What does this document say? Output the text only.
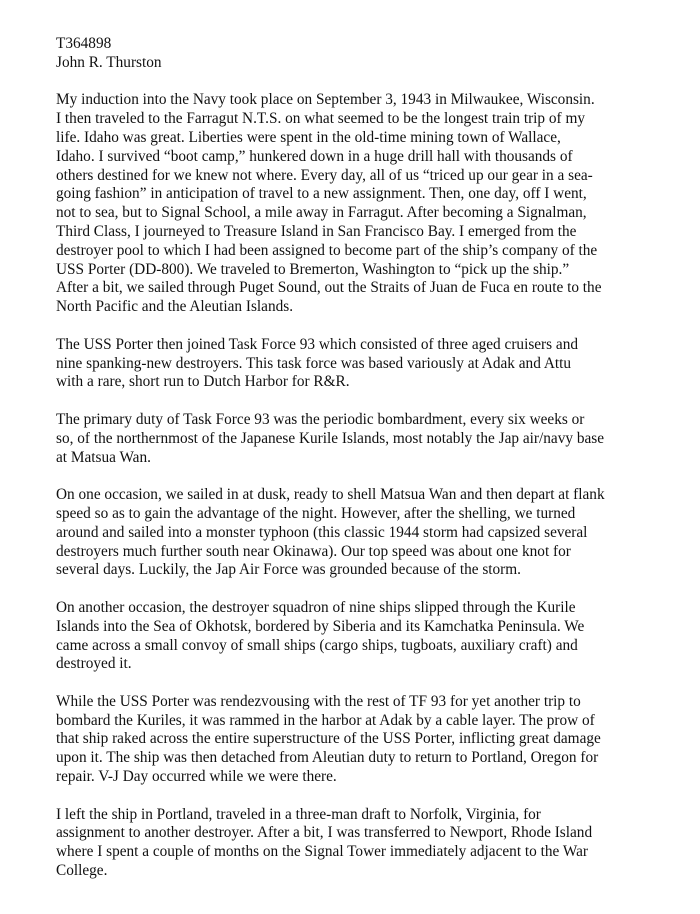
T364898

John R. Thurston

My induction into the Navy took place on September 3, 1943 in Milwaukee, Wisconsin.
I then traveled to the Farragut N.T.S. on what seemed to be the longest train trip of my
life. Idaho was great. Liberties were spent in the old-time mining town of Wallace,
Idaho. I survived “boot camp,” hunkered down in a huge drill hall with thousands of
others destined for we knew not where. Every day, all of us “triced up our gear in a sea-
going fashion” in anticipation of travel to a new assignment. Then, one day, off I went,
not to sea, but to Signal School, a mile away in Farragut. After becoming a Signalman,
Third Class, I journeyed to Treasure Island in San Francisco Bay. I emerged from the
destroyer pool to which I had been assigned to become part of the ship’s company of the
USS Porter (DD-800). We traveled to Bremerton, Washington to “pick up the ship.”
After a bit, we sailed through Puget Sound, out the Straits of Juan de Fuca en route to the
North Pacific and the Aleutian Islands.

The USS Porter then joined Task Force 93 which consisted of three aged cruisers and
nine spanking-new destroyers. This task force was based variously at Adak and Attu
with a rare, short run to Dutch Harbor for R&R.

The primary duty of Task Force 93 was the periodic bombardment, every six weeks or
so, of the northernmost of the Japanese Kurile Islands, most notably the Jap air/navy base
at Matsua Wan.

On one occasion, we sailed in at dusk, ready to shell Matsua Wan and then depart at flank
speed so as to gain the advantage of the night. However, after the shelling, we turned
around and sailed into a monster typhoon (this classic 1944 storm had capsized several
destroyers much further south near Okinawa). Our top speed was about one knot for
several days. Luckily, the Jap Air Force was grounded because of the storm.

On another occasion, the destroyer squadron of nine ships slipped through the Kurile
Islands into the Sea of Okhotsk, bordered by Siberia and its Kamchatka Peninsula. We
came across a small convoy of small ships (cargo ships, tugboats, auxiliary craft) and
destroyed it.

While the USS Porter was rendezvousing with the rest of TF 93 for yet another trip to
bombard the Kuriles, it was rammed in the harbor at Adak by a cable layer. The prow of
that ship raked across the entire superstructure of the USS Porter, inflicting great damage
upon it. The ship was then detached from Aleutian duty to return to Portland, Oregon for
repair. V-J Day occurred while we were there.

I left the ship in Portland, traveled in a three-man draft to Norfolk, Virginia, for
assignment to another destroyer. After a bit, I was transferred to Newport, Rhode Island
where I spent a couple of months on the Signal Tower immediately adjacent to the War
College.
